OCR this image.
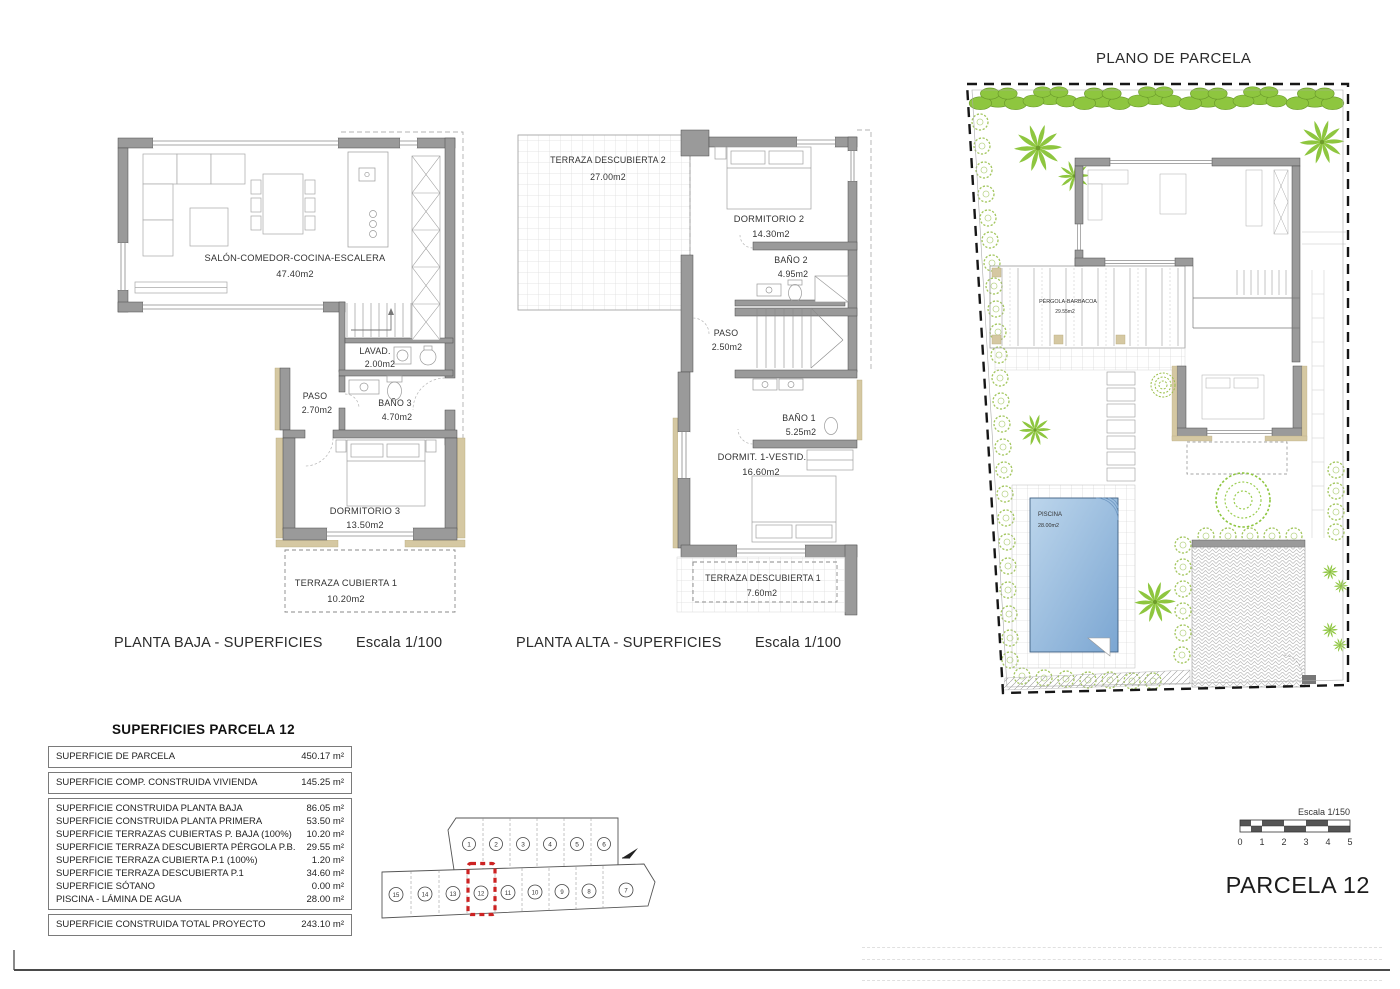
SALÓN-COMEDOR-COCINA-ESCALERA
47.40m2
LAVAD.
2.00m2
PASO
2.70m2
BAÑO 3
4.70m2
DORMITORIO 3
13.50m2
TERRAZA CUBIERTA 1
10.20m2
TERRAZA DESCUBIERTA 2
27.00m2
DORMITORIO 2
14.30m2
BAÑO 2
4.95m2
PASO
2.50m2
BAÑO 1
5.25m2
DORMIT. 1-VESTID.
16.60m2
TERRAZA DESCUBIERTA 1
7.60m2
PÉRGOLA-BARBACOA
29.55m2
PISCINA
28.00m2
PLANTA BAJA - SUPERFICIES Escala 1/100	PLANTA ALTA - SUPERFICIES Escala 1/100
PLANO DE PARCELA
SUPERFICIES PARCELA 12
SUPERFICIE DE PARCELA	450.17 m²
SUPERFICIE COMP. CONSTRUIDA VIVIENDA	145.25 m²
SUPERFICIE CONSTRUIDA PLANTA BAJA	86.05 m²
SUPERFICIE CONSTRUIDA PLANTA PRIMERA	53.50 m²
SUPERFICIE TERRAZAS CUBIERTAS P. BAJA (100%)	10.20 m²
SUPERFICIE TERRAZA DESCUBIERTA PÉRGOLA P.B.	29.55 m²
SUPERFICIE TERRAZA CUBIERTA P.1 (100%)	1.20 m²
SUPERFICIE TERRAZA DESCUBIERTA P.1	34.60 m²
SUPERFICIE SÓTANO	0.00 m²
PISCINA - LÁMINA DE AGUA	28.00 m²
SUPERFICIE CONSTRUIDA TOTAL PROYECTO	243.10 m²
1	2	3	4	5	6
15	14	13	12	11	10	9	8	7
Escala 1/150
0 1 2 3 4 5
PARCELA 12
